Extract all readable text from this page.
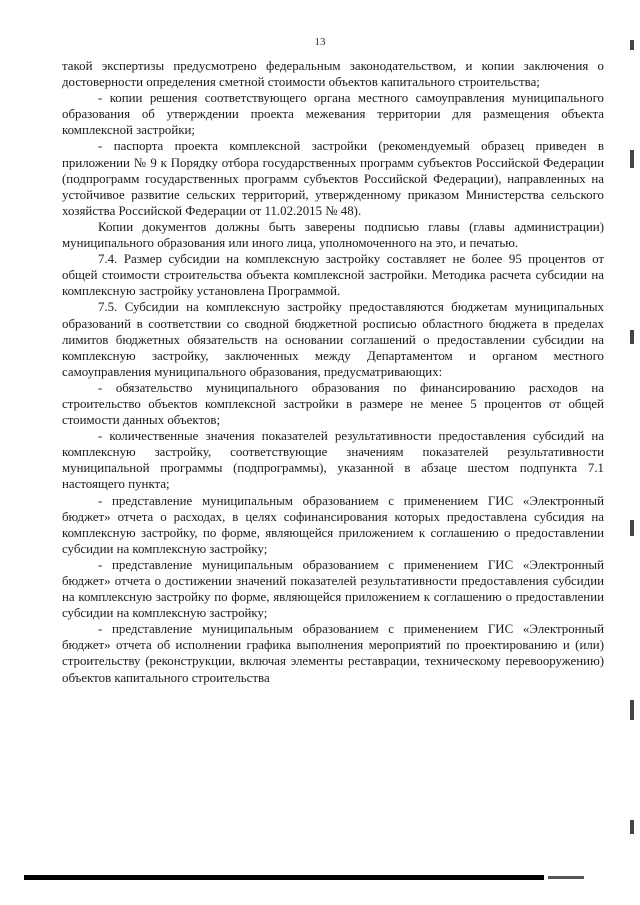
13

такой экспертизы предусмотрено федеральным законодательством, и копии заключения о достоверности определения сметной стоимости объектов капитального строительства;

- копии решения соответствующего органа местного самоуправления муниципального образования об утверждении проекта межевания территории для размещения объекта комплексной застройки;

- паспорта проекта комплексной застройки (рекомендуемый образец приведен в приложении № 9 к Порядку отбора государственных программ субъектов Российской Федерации (подпрограмм государственных программ субъектов Российской Федерации), направленных на устойчивое развитие сельских территорий, утвержденному приказом Министерства сельского хозяйства Российской Федерации от 11.02.2015 № 48).

Копии документов должны быть заверены подписью главы (главы администрации) муниципального образования или иного лица, уполномоченного на это, и печатью.

7.4. Размер субсидии на комплексную застройку составляет не более 95 процентов от общей стоимости строительства объекта комплексной застройки. Методика расчета субсидии на комплексную застройку установлена Программой.

7.5. Субсидии на комплексную застройку предоставляются бюджетам муниципальных образований в соответствии со сводной бюджетной росписью областного бюджета в пределах лимитов бюджетных обязательств на основании соглашений о предоставлении субсидии на комплексную застройку, заключенных между Департаментом и органом местного самоуправления муниципального образования, предусматривающих:

- обязательство муниципального образования по финансированию расходов на строительство объектов комплексной застройки в размере не менее 5 процентов от общей стоимости данных объектов;

- количественные значения показателей результативности предоставления субсидий на комплексную застройку, соответствующие значениям показателей результативности муниципальной программы (подпрограммы), указанной в абзаце шестом подпункта 7.1 настоящего пункта;

- представление муниципальным образованием с применением ГИС «Электронный бюджет» отчета о расходах, в целях софинансирования которых предоставлена субсидия на комплексную застройку, по форме, являющейся приложением к соглашению о предоставлении субсидии на комплексную застройку;

- представление муниципальным образованием с применением ГИС «Электронный бюджет» отчета о достижении значений показателей результативности предоставления субсидии на комплексную застройку по форме, являющейся приложением к соглашению о предоставлении субсидии на комплексную застройку;

- представление муниципальным образованием с применением ГИС «Электронный бюджет» отчета об исполнении графика выполнения мероприятий по проектированию и (или) строительству (реконструкции, включая элементы реставрации, техническому перевооружению) объектов капитального строительства
